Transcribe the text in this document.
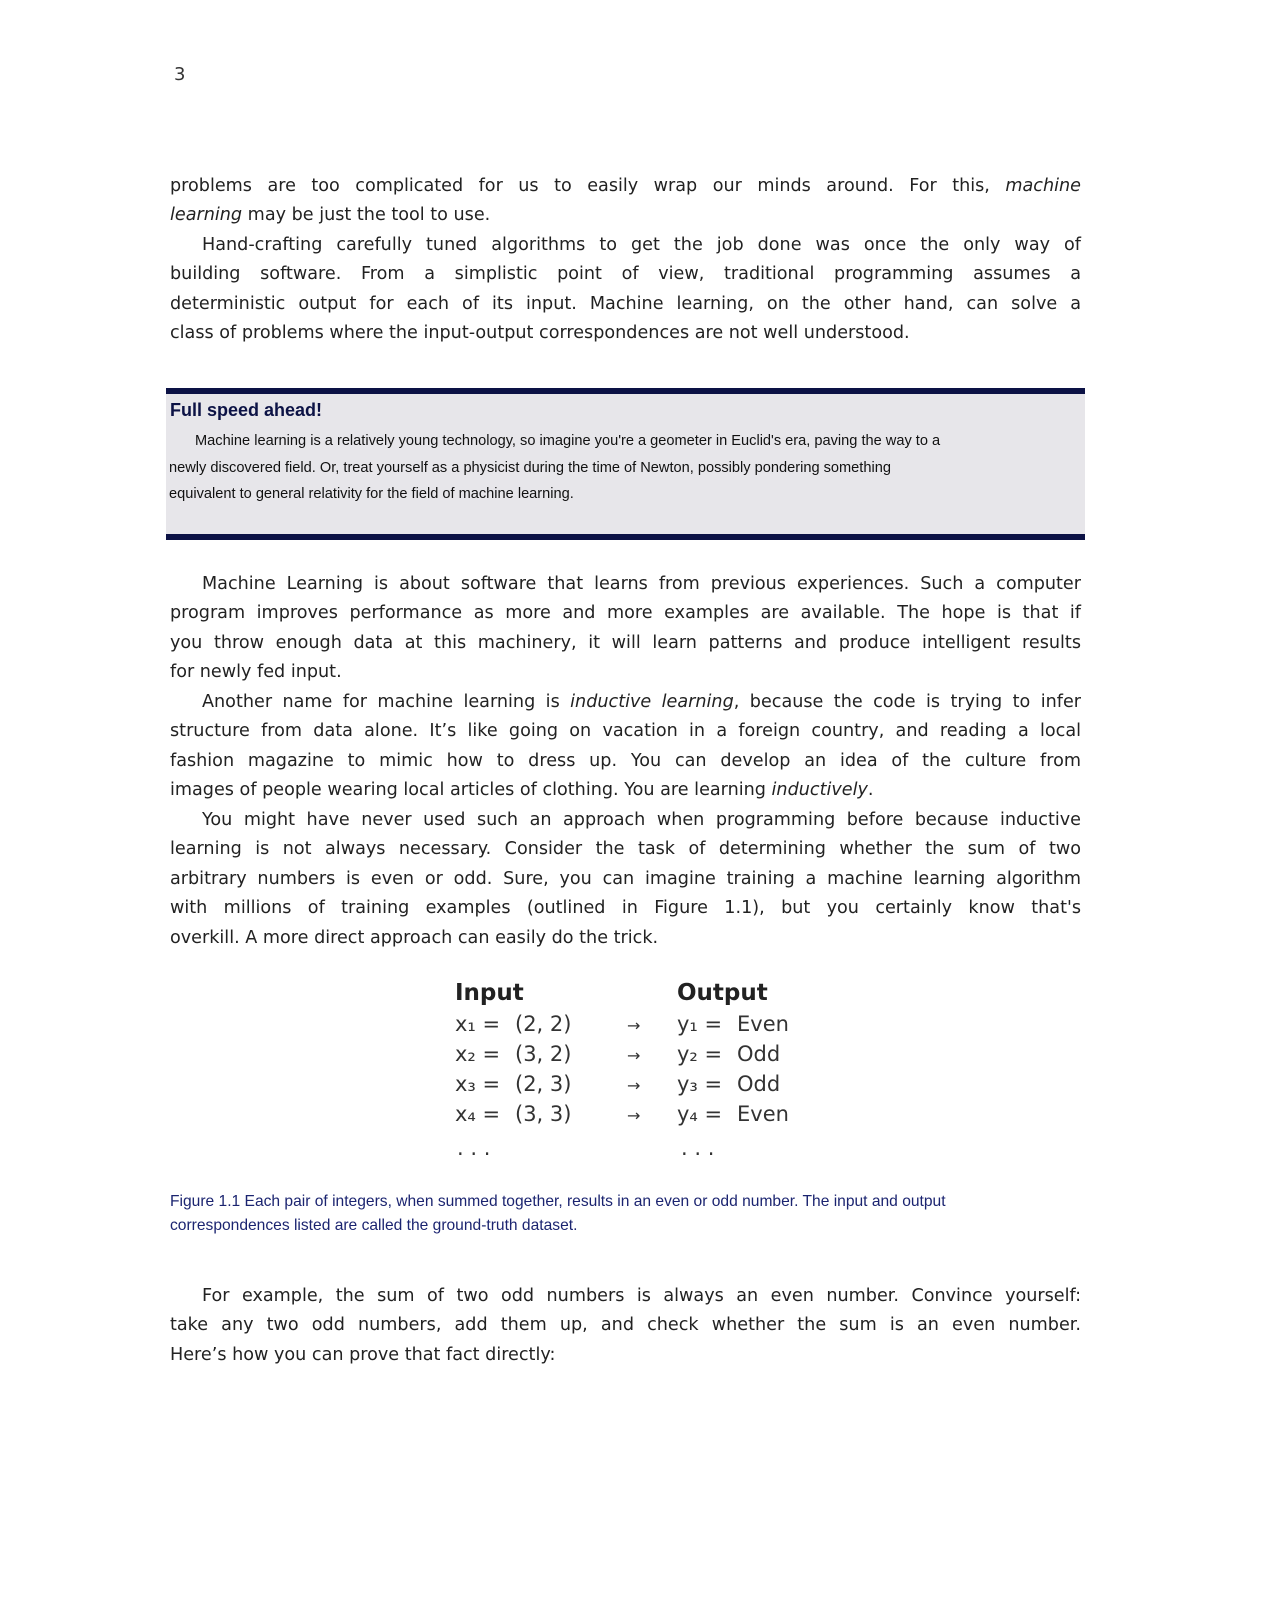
3
problems are too complicated for us to easily wrap our minds around. For this, machine
learning may be just the tool to use.
Hand-crafting carefully tuned algorithms to get the job done was once the only way of
building software. From a simplistic point of view, traditional programming assumes a
deterministic output for each of its input. Machine learning, on the other hand, can solve a
class of problems where the input-output correspondences are not well understood.
Full speed ahead!
Machine learning is a relatively young technology, so imagine you're a geometer in Euclid's era, paving the way to a
newly discovered field. Or, treat yourself as a physicist during the time of Newton, possibly pondering something
equivalent to general relativity for the field of machine learning.
Machine Learning is about software that learns from previous experiences. Such a computer
program improves performance as more and more examples are available. The hope is that if
you throw enough data at this machinery, it will learn patterns and produce intelligent results
for newly fed input.
Another name for machine learning is inductive learning, because the code is trying to infer
structure from data alone. It’s like going on vacation in a foreign country, and reading a local
fashion magazine to mimic how to dress up. You can develop an idea of the culture from
images of people wearing local articles of clothing. You are learning inductively.
You might have never used such an approach when programming before because inductive
learning is not always necessary. Consider the task of determining whether the sum of two
arbitrary numbers is even or odd. Sure, you can imagine training a machine learning algorithm
with millions of training examples (outlined in Figure 1.1), but you certainly know that's
overkill. A more direct approach can easily do the trick.
Input	Output
x₁ = (2, 2)	→ y₁ = Even
x₂ = (3, 2)	→ y₂ = Odd
x₃ = (2, 3)	→ y₃ = Odd
x₄ = (3, 3)	→ y₄ = Even
. . .	. . .
Figure 1.1 Each pair of integers, when summed together, results in an even or odd number. The input and output
correspondences listed are called the ground-truth dataset.
For example, the sum of two odd numbers is always an even number. Convince yourself:
take any two odd numbers, add them up, and check whether the sum is an even number.
Here’s how you can prove that fact directly:
